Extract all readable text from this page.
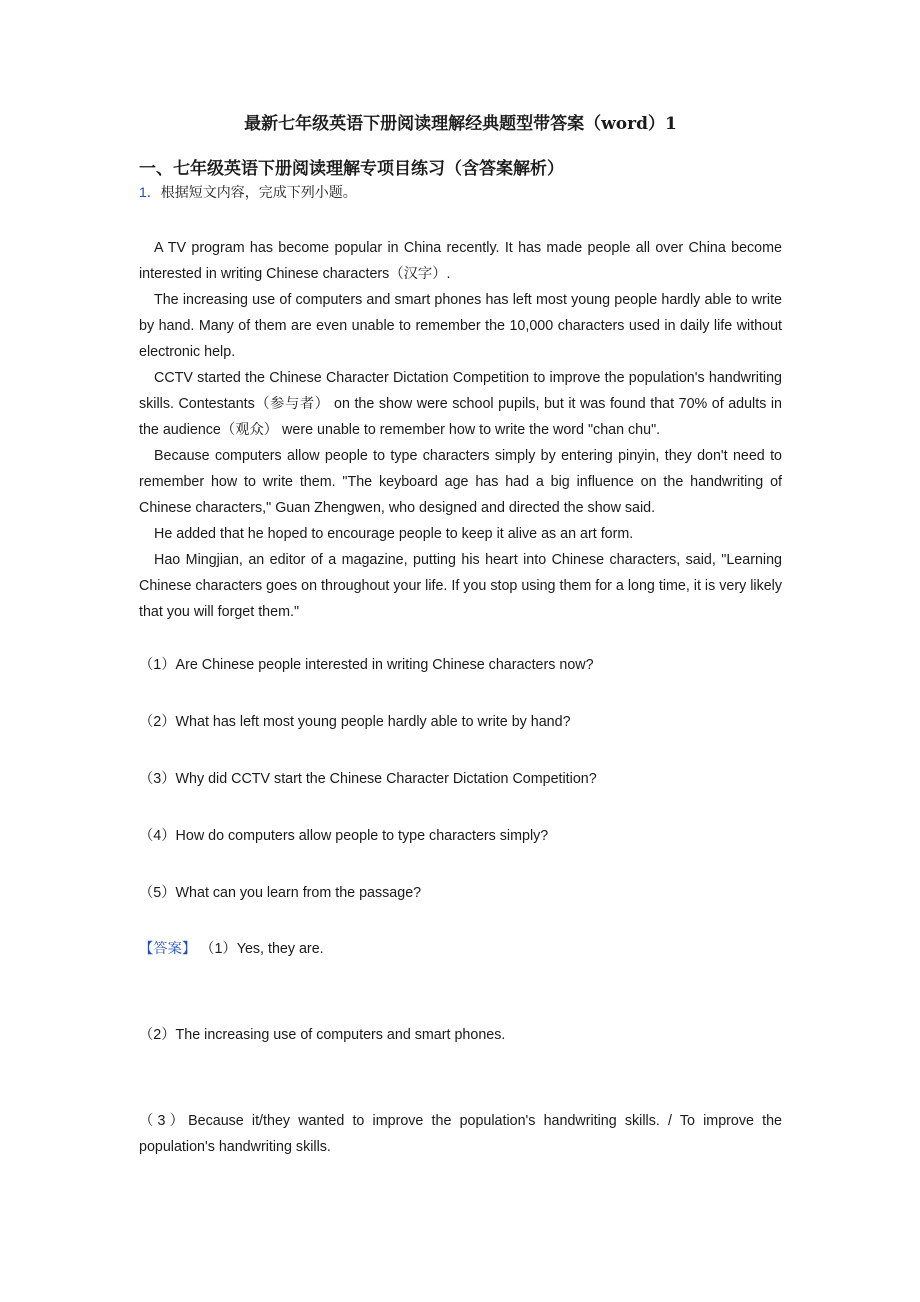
最新七年级英语下册阅读理解经典题型带答案（word）1
一、七年级英语下册阅读理解专项目练习（含答案解析）
1．根据短文内容，完成下列小题。

A TV program has become popular in China recently. It has made people all over China become interested in writing Chinese characters（汉字）.

The increasing use of computers and smart phones has left most young people hardly able to write by hand. Many of them are even unable to remember the 10,000 characters used in daily life without electronic help.

CCTV started the Chinese Character Dictation Competition to improve the population's handwriting skills. Contestants（参与者） on the show were school pupils, but it was found that 70% of adults in the audience（观众） were unable to remember how to write the word "chan chu".

Because computers allow people to type characters simply by entering pinyin, they don't need to remember how to write them. "The keyboard age has had a big influence on the handwriting of Chinese characters," Guan Zhengwen, who designed and directed the show said.

He added that he hoped to encourage people to keep it alive as an art form.

Hao Mingjian, an editor of a magazine, putting his heart into Chinese characters, said, "Learning Chinese characters goes on throughout your life. If you stop using them for a long time, it is very likely that you will forget them."

（1）Are Chinese people interested in writing Chinese characters now?
（2）What has left most young people hardly able to write by hand?
（3）Why did CCTV start the Chinese Character Dictation Competition?
（4）How do computers allow people to type characters simply?
（5）What can you learn from the passage?
【答案】 （1）Yes, they are.
（2）The increasing use of computers and smart phones.
（3）Because it/they wanted to improve the population's handwriting skills. / To improve the population's handwriting skills.
